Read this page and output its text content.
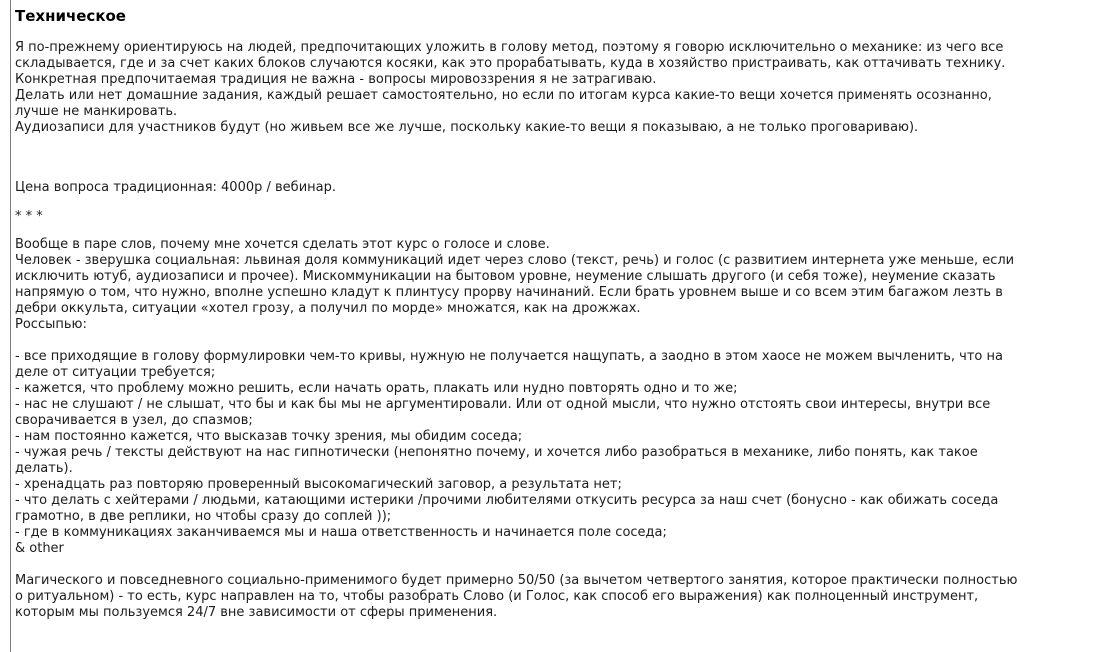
Техническое
Я по-прежнему ориентируюсь на людей, предпочитающих уложить в голову метод, поэтому я говорю исключительно о механике: из чего все
складывается, где и за счет каких блоков случаются косяки, как это прорабатывать, куда в хозяйство пристраивать, как оттачивать технику.
Конкретная предпочитаемая традиция не важна - вопросы мировоззрения я не затрагиваю.
Делать или нет домашние задания, каждый решает самостоятельно, но если по итогам курса какие-то вещи хочется применять осознанно,
лучше не манкировать.
Аудиозаписи для участников будут (но живьем все же лучше, поскольку какие-то вещи я показываю, а не только проговариваю).
Цена вопроса традиционная: 4000р / вебинар.
* * *
Вообще в паре слов, почему мне хочется сделать этот курс о голосе и слове.
Человек - зверушка социальная: львиная доля коммуникаций идет через слово (текст, речь) и голос (с развитием интернета уже меньше, если
исключить ютуб, аудиозаписи и прочее). Мискоммуникации на бытовом уровне, неумение слышать другого (и себя тоже), неумение сказать
напрямую о том, что нужно, вполне успешно кладут к плинтусу прорву начинаний. Если брать уровнем выше и со всем этим багажом лезть в
дебри оккульта, ситуации «хотел грозу, а получил по морде» множатся, как на дрожжах.
Россыпью:
- все приходящие в голову формулировки чем-то кривы, нужную не получается нащупать, а заодно в этом хаосе не можем вычленить, что на
деле от ситуации требуется;
- кажется, что проблему можно решить, если начать орать, плакать или нудно повторять одно и то же;
- нас не слушают / не слышат, что бы и как бы мы не аргументировали. Или от одной мысли, что нужно отстоять свои интересы, внутри все
сворачивается в узел, до спазмов;
- нам постоянно кажется, что высказав точку зрения, мы обидим соседа;
- чужая речь / тексты действуют на нас гипнотически (непонятно почему, и хочется либо разобраться в механике, либо понять, как такое
делать).
- хренадцать раз повторяю проверенный высокомагический заговор, а результата нет;
- что делать с хейтерами / людьми, катающими истерики /прочими любителями откусить ресурса за наш счет (бонусно - как обижать соседа
грамотно, в две реплики, но чтобы сразу до соплей ));
- где в коммуникациях заканчиваемся мы и наша ответственность и начинается поле соседа;
& other
Магического и повседневного социально-применимого будет примерно 50/50 (за вычетом четвертого занятия, которое практически полностью
о ритуальном) - то есть, курс направлен на то, чтобы разобрать Слово (и Голос, как способ его выражения) как полноценный инструмент,
которым мы пользуемся 24/7 вне зависимости от сферы применения.
